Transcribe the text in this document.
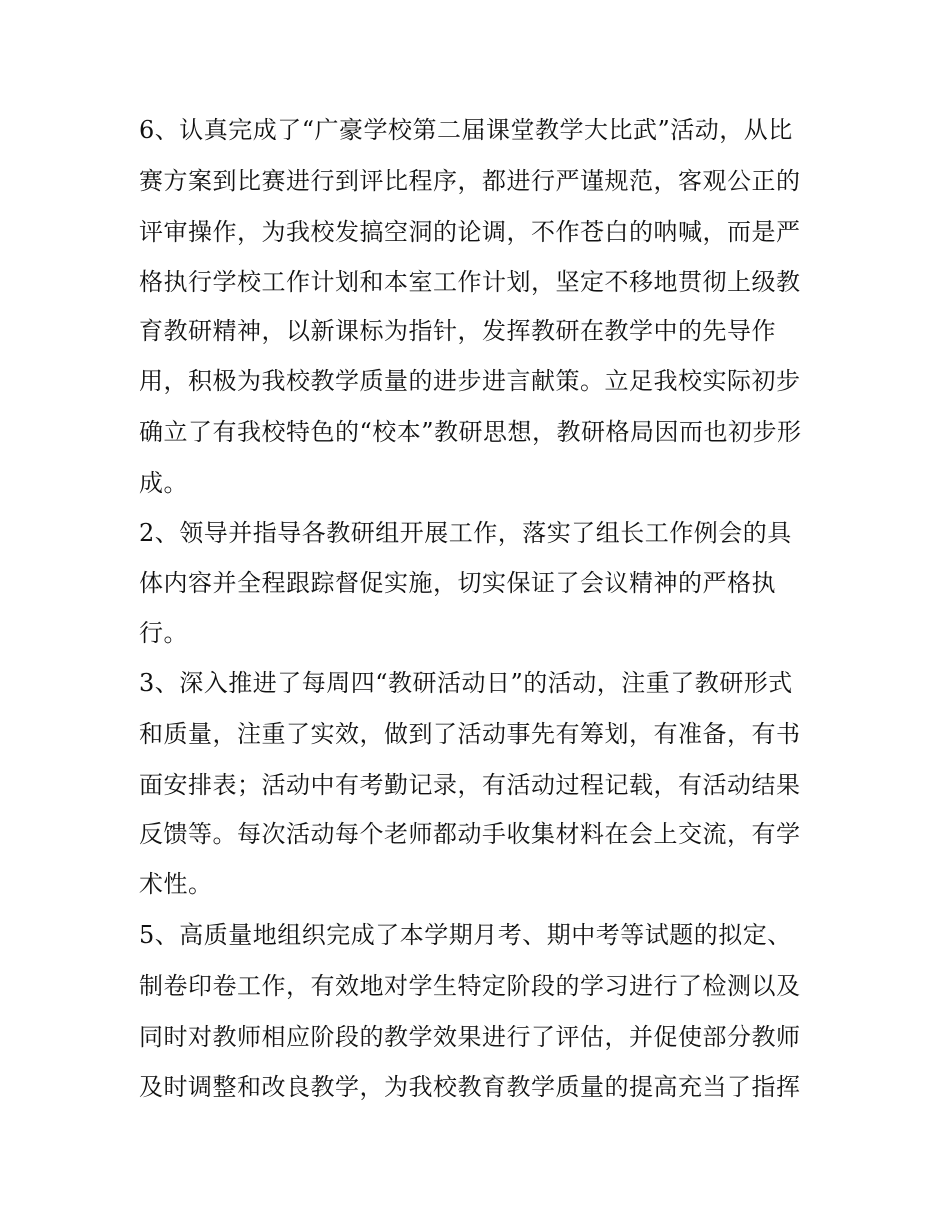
6、认真完成了“广豪学校第二届课堂教学大比武”活动，从比
赛方案到比赛进行到评比程序，都进行严谨规范，客观公正的
评审操作，为我校发搞空洞的论调，不作苍白的呐喊，而是严
格执行学校工作计划和本室工作计划，坚定不移地贯彻上级教
育教研精神，以新课标为指针，发挥教研在教学中的先导作
用，积极为我校教学质量的进步进言献策。立足我校实际初步
确立了有我校特色的“校本”教研思想，教研格局因而也初步形
成。
2、领导并指导各教研组开展工作，落实了组长工作例会的具
体内容并全程跟踪督促实施，切实保证了会议精神的严格执
行。
3、深入推进了每周四“教研活动日”的活动，注重了教研形式
和质量，注重了实效，做到了活动事先有筹划，有准备，有书
面安排表；活动中有考勤记录，有活动过程记载，有活动结果
反馈等。每次活动每个老师都动手收集材料在会上交流，有学
术性。
5、高质量地组织完成了本学期月考、期中考等试题的拟定、
制卷印卷工作，有效地对学生特定阶段的学习进行了检测以及
同时对教师相应阶段的教学效果进行了评估，并促使部分教师
及时调整和改良教学，为我校教育教学质量的提高充当了指挥
